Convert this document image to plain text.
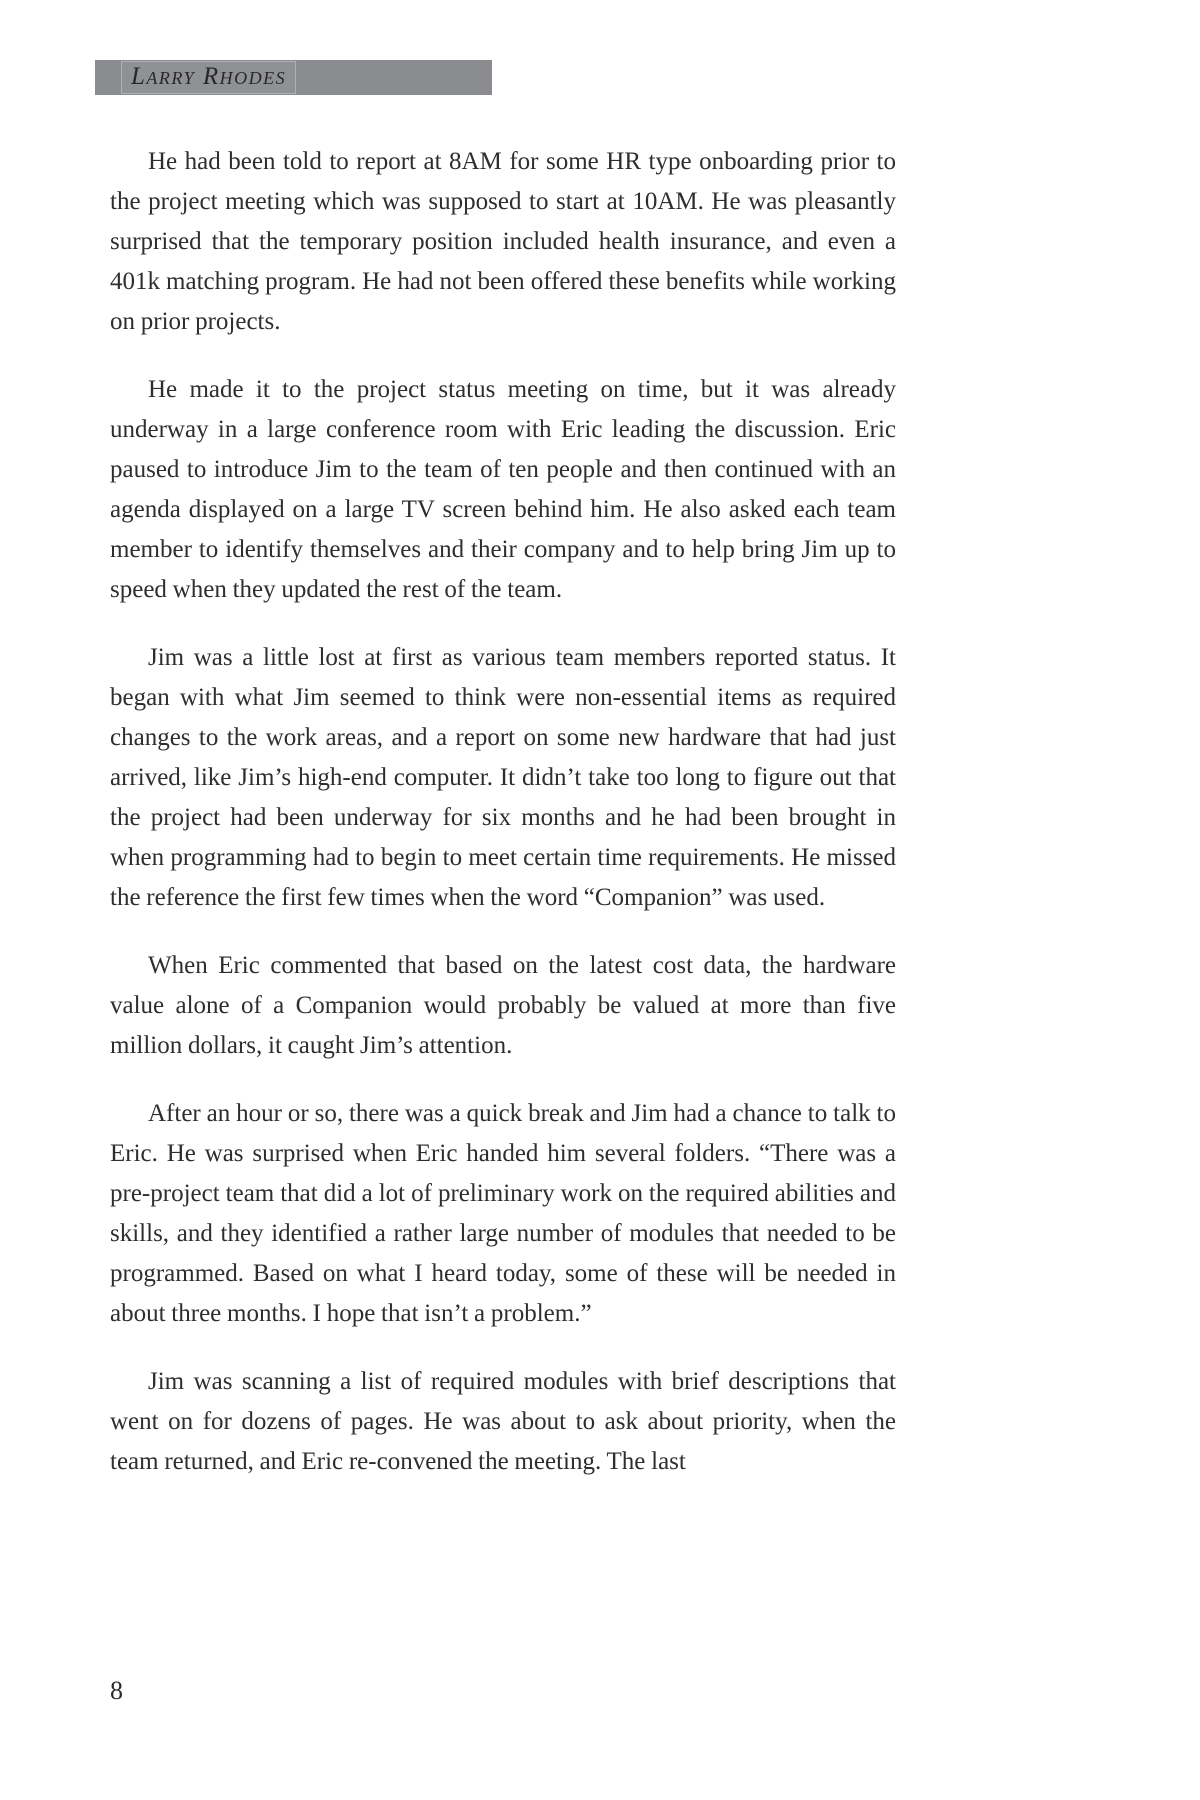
Larry Rhodes

He had been told to report at 8AM for some HR type onboarding prior to the project meeting which was supposed to start at 10AM. He was pleasantly surprised that the temporary position included health insurance, and even a 401k matching program. He had not been offered these benefits while working on prior projects.

He made it to the project status meeting on time, but it was already underway in a large conference room with Eric leading the discussion. Eric paused to introduce Jim to the team of ten people and then continued with an agenda displayed on a large TV screen behind him. He also asked each team member to identify themselves and their company and to help bring Jim up to speed when they updated the rest of the team.

Jim was a little lost at first as various team members reported status. It began with what Jim seemed to think were non-essential items as required changes to the work areas, and a report on some new hardware that had just arrived, like Jim’s high-end computer. It didn’t take too long to figure out that the project had been underway for six months and he had been brought in when programming had to begin to meet certain time requirements. He missed the reference the first few times when the word “Companion” was used.

When Eric commented that based on the latest cost data, the hardware value alone of a Companion would probably be valued at more than five million dollars, it caught Jim’s attention.

After an hour or so, there was a quick break and Jim had a chance to talk to Eric. He was surprised when Eric handed him several folders. “There was a pre-project team that did a lot of preliminary work on the required abilities and skills, and they identified a rather large number of modules that needed to be programmed. Based on what I heard today, some of these will be needed in about three months. I hope that isn’t a problem.”

Jim was scanning a list of required modules with brief descriptions that went on for dozens of pages. He was about to ask about priority, when the team returned, and Eric re-convened the meeting. The last

8
